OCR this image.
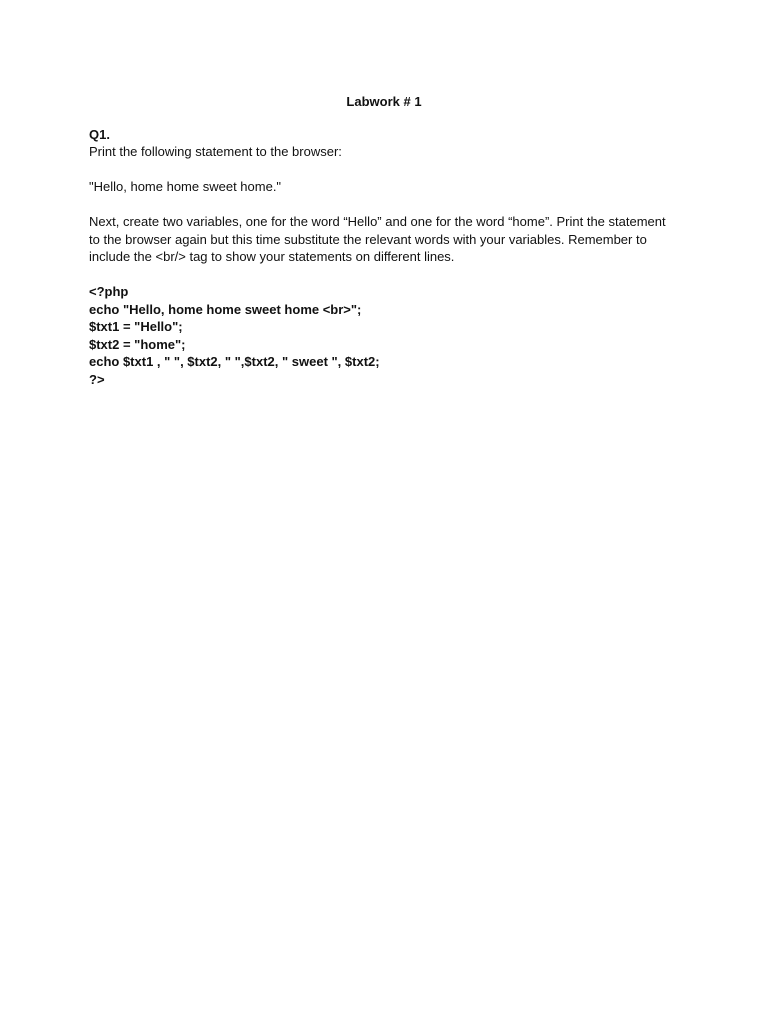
Labwork # 1
Q1.
Print the following statement to the browser:
"Hello, home home sweet home."
Next, create two variables, one for the word “Hello” and one for the word “home”. Print the statement
to the browser again but this time substitute the relevant words with your variables. Remember to
include the <br/> tag to show your statements on different lines.
<?php
echo "Hello, home home sweet home <br>";
$txt1 = "Hello";
$txt2 = "home";
echo $txt1 , " ", $txt2, " ",$txt2, " sweet ", $txt2;
?>
